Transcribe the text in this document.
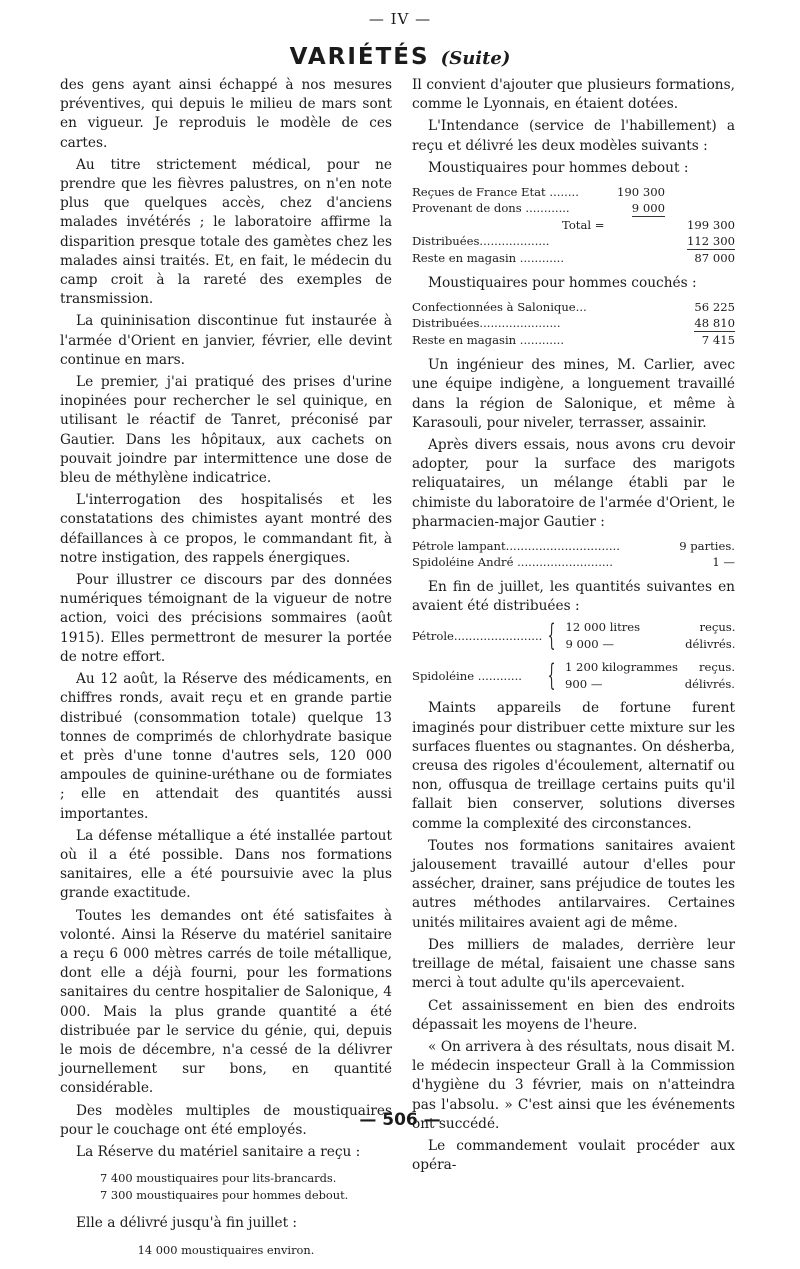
— IV —
VARIÉTÉS (Suite)

des gens ayant ainsi échappé à nos mesures préventives, qui depuis le milieu de mars sont en vigueur. Je reproduis le modèle de ces cartes.

Au titre strictement médical, pour ne prendre que les fièvres palustres, on n'en note plus que quelques accès, chez d'anciens malades invétérés ; le laboratoire affirme la disparition presque totale des gamètes chez les malades ainsi traités. Et, en fait, le médecin du camp croit à la rareté des exemples de transmission.

La quininisation discontinue fut instaurée à l'armée d'Orient en janvier, février, elle devint continue en mars.

Le premier, j'ai pratiqué des prises d'urine inopinées pour rechercher le sel quinique, en utilisant le réactif de Tanret, préconisé par Gautier. Dans les hôpitaux, aux cachets on pouvait joindre par intermittence une dose de bleu de méthylène indicatrice.

L'interrogation des hospitalisés et les constatations des chimistes ayant montré des défaillances à ce propos, le commandant fit, à notre instigation, des rappels énergiques.

Pour illustrer ce discours par des données numériques témoignant de la vigueur de notre action, voici des précisions sommaires (août 1915). Elles permettront de mesurer la portée de notre effort.

Au 12 août, la Réserve des médicaments, en chiffres ronds, avait reçu et en grande partie distribué (consommation totale) quelque 13 tonnes de comprimés de chlorhydrate basique et près d'une tonne d'autres sels, 120 000 ampoules de quinine-uréthane ou de formiates ; elle en attendait des quantités aussi importantes.

La défense métallique a été installée partout où il a été possible. Dans nos formations sanitaires, elle a été poursuivie avec la plus grande exactitude.

Toutes les demandes ont été satisfaites à volonté. Ainsi la Réserve du matériel sanitaire a reçu 6 000 mètres carrés de toile métallique, dont elle a déjà fourni, pour les formations sanitaires du centre hospitalier de Salonique, 4 000. Mais la plus grande quantité a été distribuée par le service du génie, qui, depuis le mois de décembre, n'a cessé de la délivrer journellement sur bons, en quantité considérable.

Des modèles multiples de moustiquaires pour le couchage ont été employés.

La Réserve du matériel sanitaire a reçu :

7 400 moustiquaires pour lits-brancards.
7 300 moustiquaires pour hommes debout.

Elle a délivré jusqu'à fin juillet :

14 000 moustiquaires environ.

Il convient d'ajouter que plusieurs formations, comme le Lyonnais, en étaient dotées.

L'Intendance (service de l'habillement) a reçu et délivré les deux modèles suivants :

Moustiquaires pour hommes debout :

Reçues de France Etat ........	190 300
Provenant de dons ............	9 000
Total =	199 300
Distribuées...................	112 300
Reste en magasin ............	87 000

Moustiquaires pour hommes couchés :

Confectionnées à Salonique...	56 225
Distribuées......................	48 810
Reste en magasin ............	7 415

Un ingénieur des mines, M. Carlier, avec une équipe indigène, a longuement travaillé dans la région de Salonique, et même à Karasouli, pour niveler, terrasser, assainir.

Après divers essais, nous avons cru devoir adopter, pour la surface des marigots reliquataires, un mélange établi par le chimiste du laboratoire de l'armée d'Orient, le pharmacien-major Gautier :

Pétrole lampant...............................	9 parties.
Spidoléine André ..........................	1 —

En fin de juillet, les quantités suivantes en avaient été distribuées :

Pétrole........................ { 12 000 litres	reçus.
9 000 —	délivrés.
Spidoléine ............ { 1 200 kilogrammes reçus.
900 —	délivrés.

Maints appareils de fortune furent imaginés pour distribuer cette mixture sur les surfaces fluentes ou stagnantes. On désherba, creusa des rigoles d'écoulement, alternatif ou non, offusqua de treillage certains puits qu'il fallait bien conserver, solutions diverses comme la complexité des circonstances.

Toutes nos formations sanitaires avaient jalousement travaillé autour d'elles pour assécher, drainer, sans préjudice de toutes les autres méthodes antilarvaires. Certaines unités militaires avaient agi de même.

Des milliers de malades, derrière leur treillage de métal, faisaient une chasse sans merci à tout adulte qu'ils apercevaient.

Cet assainissement en bien des endroits dépassait les moyens de l'heure.

« On arrivera à des résultats, nous disait M. le médecin inspecteur Grall à la Commission d'hygiène du 3 février, mais on n'atteindra pas l'absolu. » C'est ainsi que les événements ont succédé.

Le commandement voulait procéder aux opéra-

— 506 —
